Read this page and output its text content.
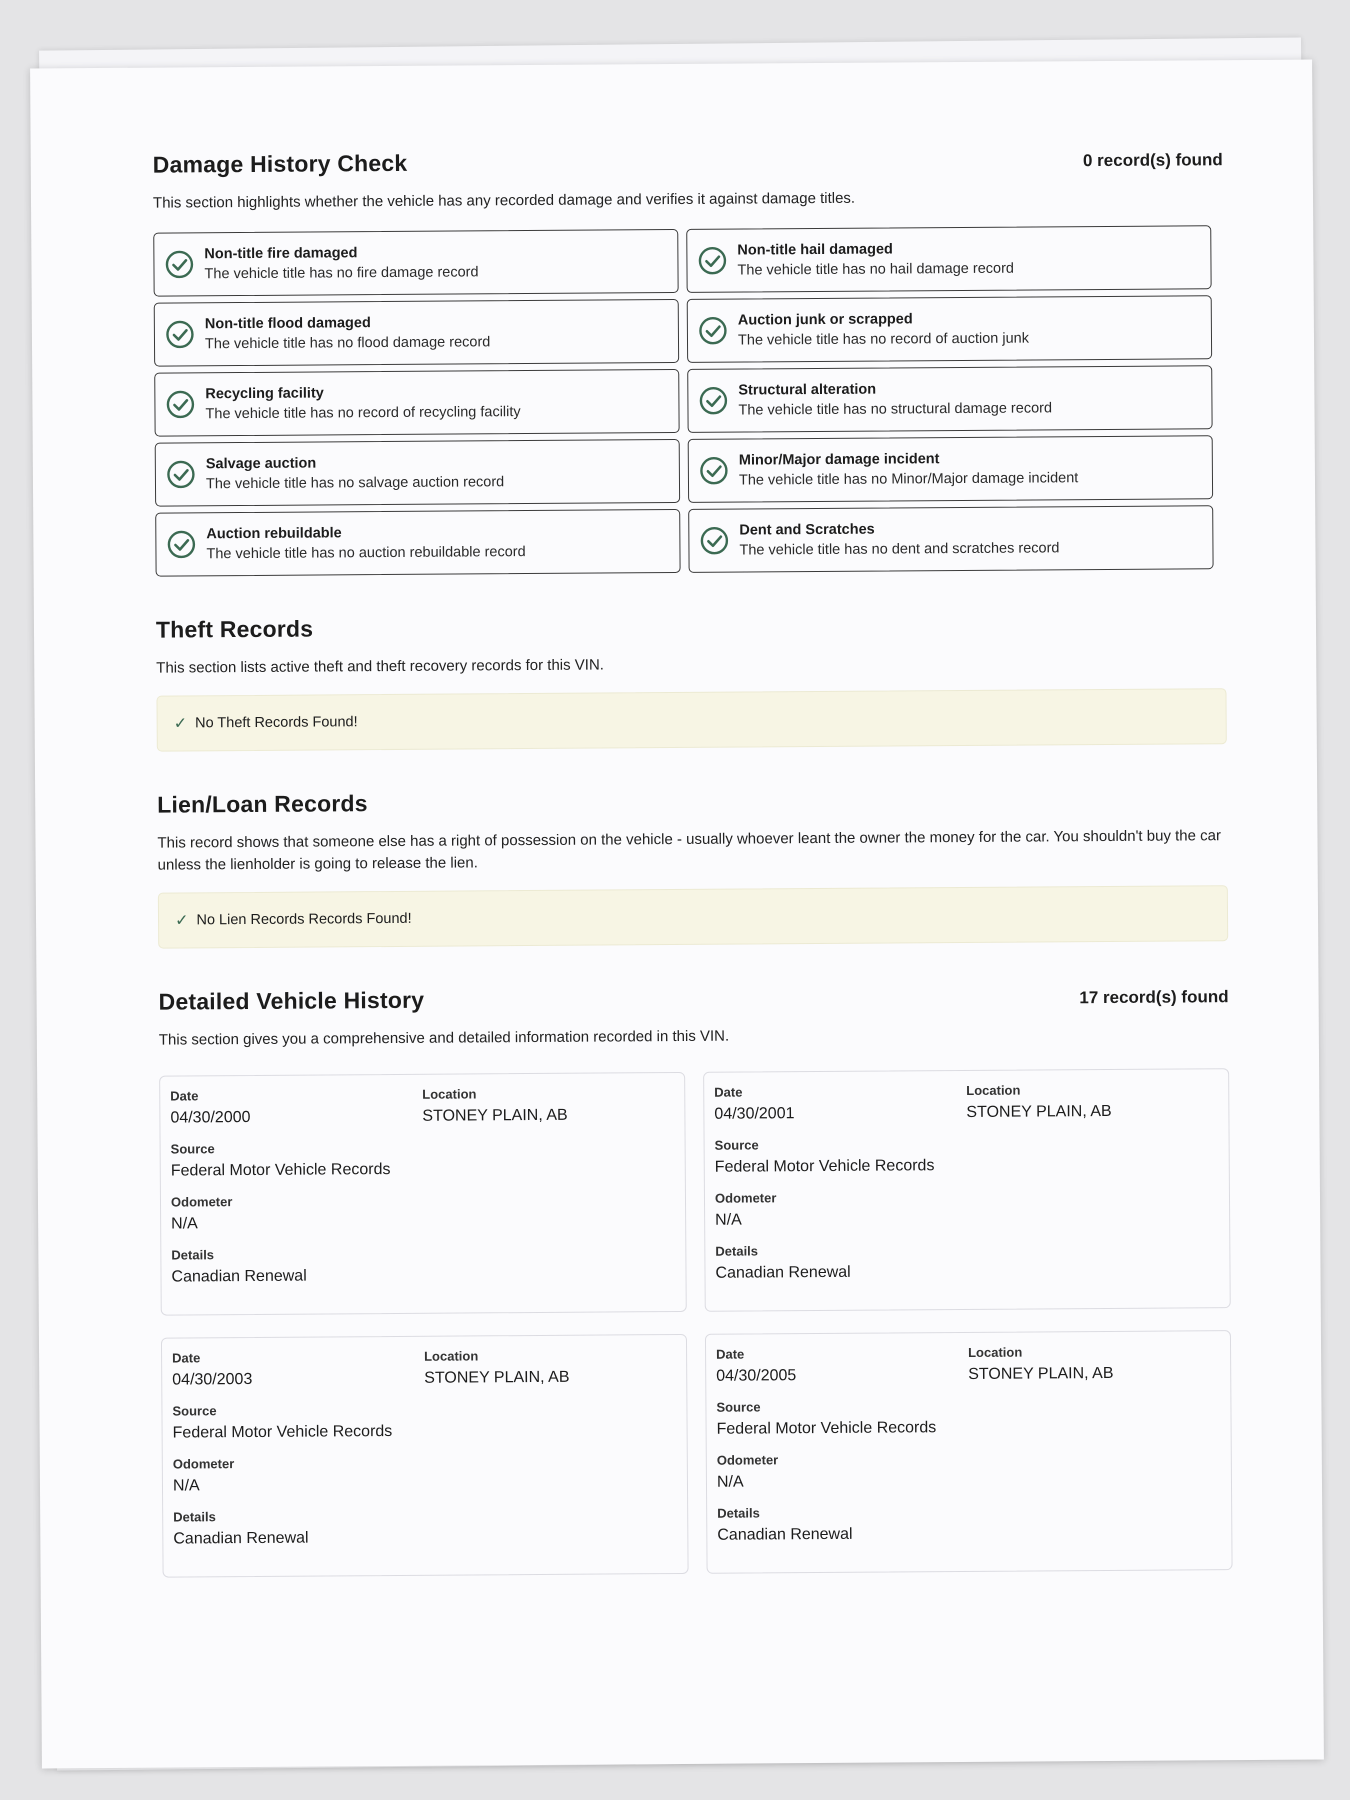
Damage History Check	0 record(s) found

This section highlights whether the vehicle has any recorded damage and verifies it against damage titles.

Non-title fire damaged
The vehicle title has no fire damage record
Non-title hail damaged
The vehicle title has no hail damage record
Non-title flood damaged
The vehicle title has no flood damage record
Auction junk or scrapped
The vehicle title has no record of auction junk
Recycling facility
The vehicle title has no record of recycling facility
Structural alteration
The vehicle title has no structural damage record
Salvage auction
The vehicle title has no salvage auction record
Minor/Major damage incident
The vehicle title has no Minor/Major damage incident
Auction rebuildable
The vehicle title has no auction rebuildable record
Dent and Scratches
The vehicle title has no dent and scratches record
Theft Records

This section lists active theft and theft recovery records for this VIN.

✓ No Theft Records Found!
Lien/Loan Records

This record shows that someone else has a right of possession on the vehicle - usually whoever leant the owner the money for the car. You shouldn't buy the car unless the lienholder is going to release the lien.

✓ No Lien Records Records Found!
Detailed Vehicle History	17 record(s) found

This section gives you a comprehensive and detailed information recorded in this VIN.

Date
04/30/2000
Location
STONEY PLAIN, AB
Source
Federal Motor Vehicle Records
Odometer
N/A
Details
Canadian Renewal
Date
04/30/2001
Location
STONEY PLAIN, AB
Source
Federal Motor Vehicle Records
Odometer
N/A
Details
Canadian Renewal
Date
04/30/2003
Location
STONEY PLAIN, AB
Source
Federal Motor Vehicle Records
Odometer
N/A
Details
Canadian Renewal
Date
04/30/2005
Location
STONEY PLAIN, AB
Source
Federal Motor Vehicle Records
Odometer
N/A
Details
Canadian Renewal
